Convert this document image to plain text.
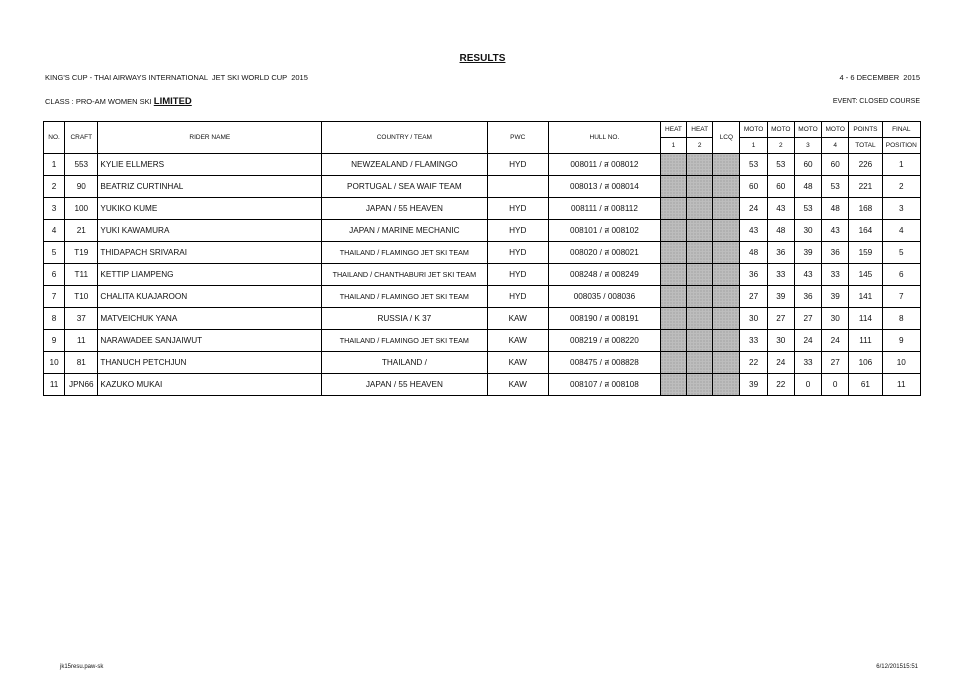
RESULTS
KING'S CUP - THAI AIRWAYS INTERNATIONAL  JET SKI WORLD CUP  2015	4 - 6 DECEMBER  2015
CLASS : PRO-AM WOMEN SKI LIMITED	EVENT: CLOSED COURSE
NO.	CRAFT	RIDER NAME	COUNTRY / TEAM	PWC	HULL NO.	HEAT	HEAT	LCQ	MOTO	MOTO	MOTO	MOTO	POINTS	FINAL
						1	2		1	2	3	4	TOTAL	POSITION
1	553	KYLIE ELLMERS	NEWZEALAND / FLAMINGO	HYD	008011 / ส 008012				53	53	60	60	226	1
2	90	BEATRIZ CURTINHAL	PORTUGAL / SEA WAIF TEAM		008013 / ส 008014				60	60	48	53	221	2
3	100	YUKIKO KUME	JAPAN / 55 HEAVEN	HYD	008111 / ส 008112				24	43	53	48	168	3
4	21	YUKI KAWAMURA	JAPAN / MARINE MECHANIC	HYD	008101 / ส 008102				43	48	30	43	164	4
5	T19	THIDAPACH SRIVARAI	THAILAND / FLAMINGO JET SKI TEAM	HYD	008020 / ส 008021				48	36	39	36	159	5
6	T11	KETTIP LIAMPENG	THAILAND / CHANTHABURI JET SKI TEAM	HYD	008248 / ส 008249				36	33	43	33	145	6
7	T10	CHALITA KUAJAROON	THAILAND / FLAMINGO JET SKI TEAM	HYD	008035 / 008036				27	39	36	39	141	7
8	37	MATVEICHUK YANA	RUSSIA / K 37	KAW	008190 / ส 008191				30	27	27	30	114	8
9	11	NARAWADEE SANJAIWUT	THAILAND / FLAMINGO JET SKI TEAM	KAW	008219 / ส 008220				33	30	24	24	111	9
10	81	THANUCH PETCHJUN	THAILAND /	KAW	008475 / ส 008828				22	24	33	27	106	10
11	JPN66	KAZUKO MUKAI	JAPAN / 55 HEAVEN	KAW	008107 / ส 008108				39	22	0	0	61	11
jk15resu.paw-sk	6/12/201515:51
